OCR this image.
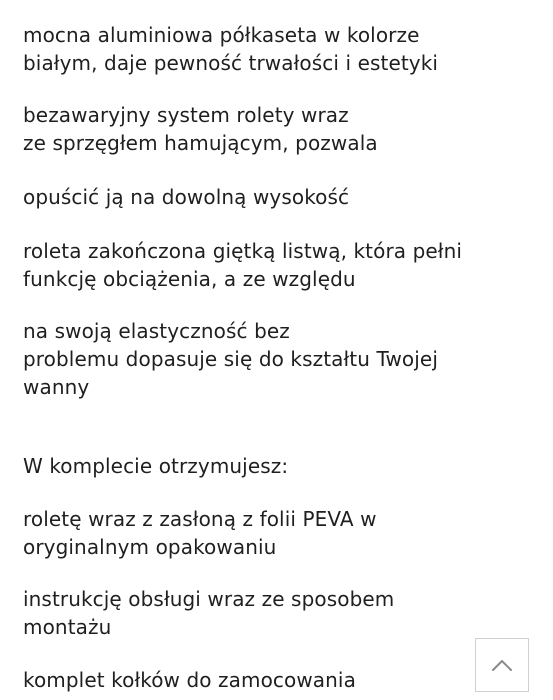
mocna aluminiowa półkaseta w kolorze
białym, daje pewność trwałości i estetyki

bezawaryjny system rolety wraz
ze sprzęgłem hamującym, pozwala

opuścić ją na dowolną wysokość

roleta zakończona giętką listwą, która pełni
funkcję obciążenia, a ze względu

na swoją elastyczność bez
problemu dopasuje się do kształtu Twojej
wanny

W komplecie otrzymujesz:

roletę wraz z zasłoną z folii PEVA w
oryginalnym opakowaniu

instrukcję obsługi wraz ze sposobem
montażu

komplet kołków do zamocowania
